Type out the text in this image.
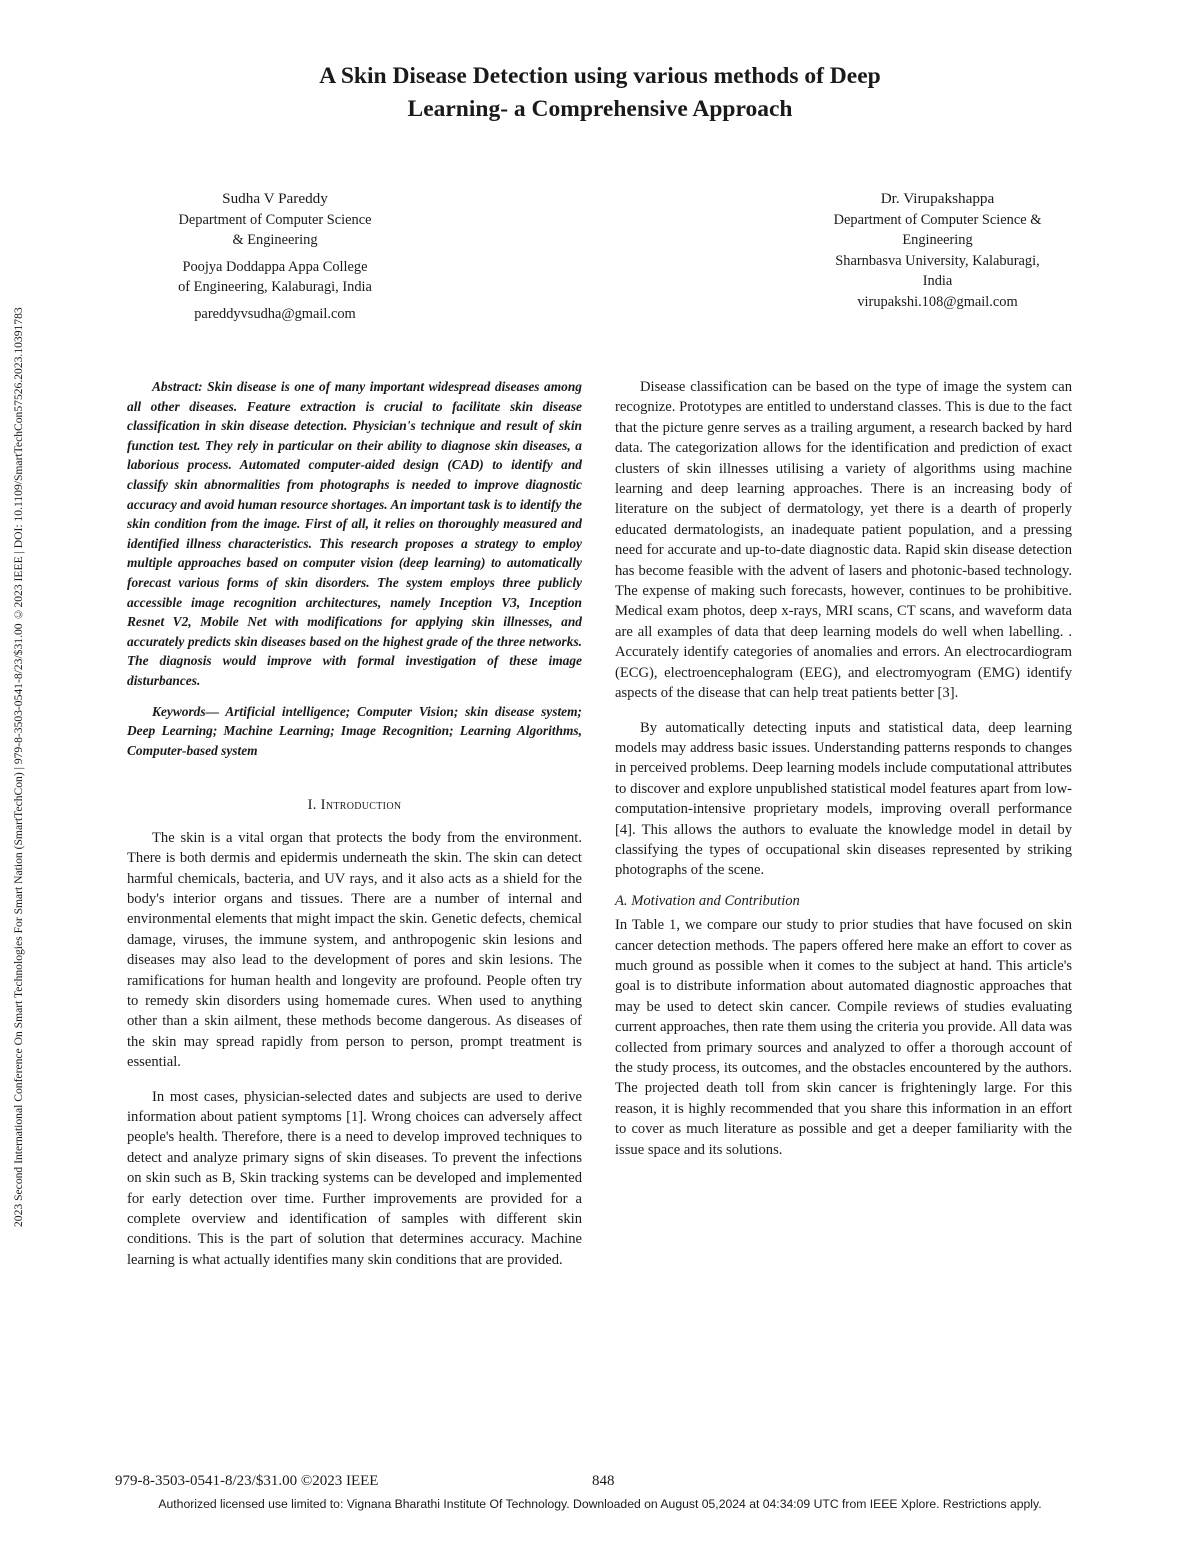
2023 Second International Conference On Smart Technologies For Smart Nation (SmartTechCon) | 979-8-3503-0541-8/23/$31.00 ©2023 IEEE | DOI: 10.1109/SmartTechCon57526.2023.10391783
A Skin Disease Detection using various methods of Deep
Learning- a Comprehensive Approach
Sudha V Pareddy
Department of Computer Science
& Engineering
Poojya Doddappa Appa College
of Engineering, Kalaburagi, India
pareddyvsudha@gmail.com
Dr. Virupakshappa
Department of Computer Science &
Engineering
Sharnbasva University, Kalaburagi,
India
virupakshi.108@gmail.com

Abstract: Skin disease is one of many important widespread diseases among all other diseases. Feature extraction is crucial to facilitate skin disease classification in skin disease detection. Physician's technique and result of skin function test. They rely in particular on their ability to diagnose skin diseases, a laborious process. Automated computer-aided design (CAD) to identify and classify skin abnormalities from photographs is needed to improve diagnostic accuracy and avoid human resource shortages. An important task is to identify the skin condition from the image. First of all, it relies on thoroughly measured and identified illness characteristics. This research proposes a strategy to employ multiple approaches based on computer vision (deep learning) to automatically forecast various forms of skin disorders. The system employs three publicly accessible image recognition architectures, namely Inception V3, Inception Resnet V2, Mobile Net with modifications for applying skin illnesses, and accurately predicts skin diseases based on the highest grade of the three networks. The diagnosis would improve with formal investigation of these image disturbances.

Keywords— Artificial intelligence; Computer Vision; skin disease system; Deep Learning; Machine Learning; Image Recognition; Learning Algorithms, Computer-based system

I. Introduction

The skin is a vital organ that protects the body from the environment. There is both dermis and epidermis underneath the skin. The skin can detect harmful chemicals, bacteria, and UV rays, and it also acts as a shield for the body's interior organs and tissues. There are a number of internal and environmental elements that might impact the skin. Genetic defects, chemical damage, viruses, the immune system, and anthropogenic skin lesions and diseases may also lead to the development of pores and skin lesions. The ramifications for human health and longevity are profound. People often try to remedy skin disorders using homemade cures. When used to anything other than a skin ailment, these methods become dangerous. As diseases of the skin may spread rapidly from person to person, prompt treatment is essential.

In most cases, physician-selected dates and subjects are used to derive information about patient symptoms [1]. Wrong choices can adversely affect people's health. Therefore, there is a need to develop improved techniques to detect and analyze primary signs of skin diseases. To prevent the infections on skin such as B, Skin tracking systems can be developed and implemented for early detection over time. Further improvements are provided for a complete overview and identification of samples with different skin conditions. This is the part of solution that determines accuracy. Machine learning is what actually identifies many skin conditions that are provided.

Disease classification can be based on the type of image the system can recognize. Prototypes are entitled to understand classes. This is due to the fact that the picture genre serves as a trailing argument, a research backed by hard data. The categorization allows for the identification and prediction of exact clusters of skin illnesses utilising a variety of algorithms using machine learning and deep learning approaches. There is an increasing body of literature on the subject of dermatology, yet there is a dearth of properly educated dermatologists, an inadequate patient population, and a pressing need for accurate and up-to-date diagnostic data. Rapid skin disease detection has become feasible with the advent of lasers and photonic-based technology. The expense of making such forecasts, however, continues to be prohibitive. Medical exam photos, deep x-rays, MRI scans, CT scans, and waveform data are all examples of data that deep learning models do well when labelling. . Accurately identify categories of anomalies and errors. An electrocardiogram (ECG), electroencephalogram (EEG), and electromyogram (EMG) identify aspects of the disease that can help treat patients better [3].

By automatically detecting inputs and statistical data, deep learning models may address basic issues. Understanding patterns responds to changes in perceived problems. Deep learning models include computational attributes to discover and explore unpublished statistical model features apart from low-computation-intensive proprietary models, improving overall performance [4]. This allows the authors to evaluate the knowledge model in detail by classifying the types of occupational skin diseases represented by striking photographs of the scene.

A. Motivation and Contribution

In Table 1, we compare our study to prior studies that have focused on skin cancer detection methods. The papers offered here make an effort to cover as much ground as possible when it comes to the subject at hand. This article's goal is to distribute information about automated diagnostic approaches that may be used to detect skin cancer. Compile reviews of studies evaluating current approaches, then rate them using the criteria you provide. All data was collected from primary sources and analyzed to offer a thorough account of the study process, its outcomes, and the obstacles encountered by the authors. The projected death toll from skin cancer is frighteningly large. For this reason, it is highly recommended that you share this information in an effort to cover as much literature as possible and get a deeper familiarity with the issue space and its solutions.

979-8-3503-0541-8/23/$31.00 ©2023 IEEE	848
Authorized licensed use limited to: Vignana Bharathi Institute Of Technology. Downloaded on August 05,2024 at 04:34:09 UTC from IEEE Xplore. Restrictions apply.
